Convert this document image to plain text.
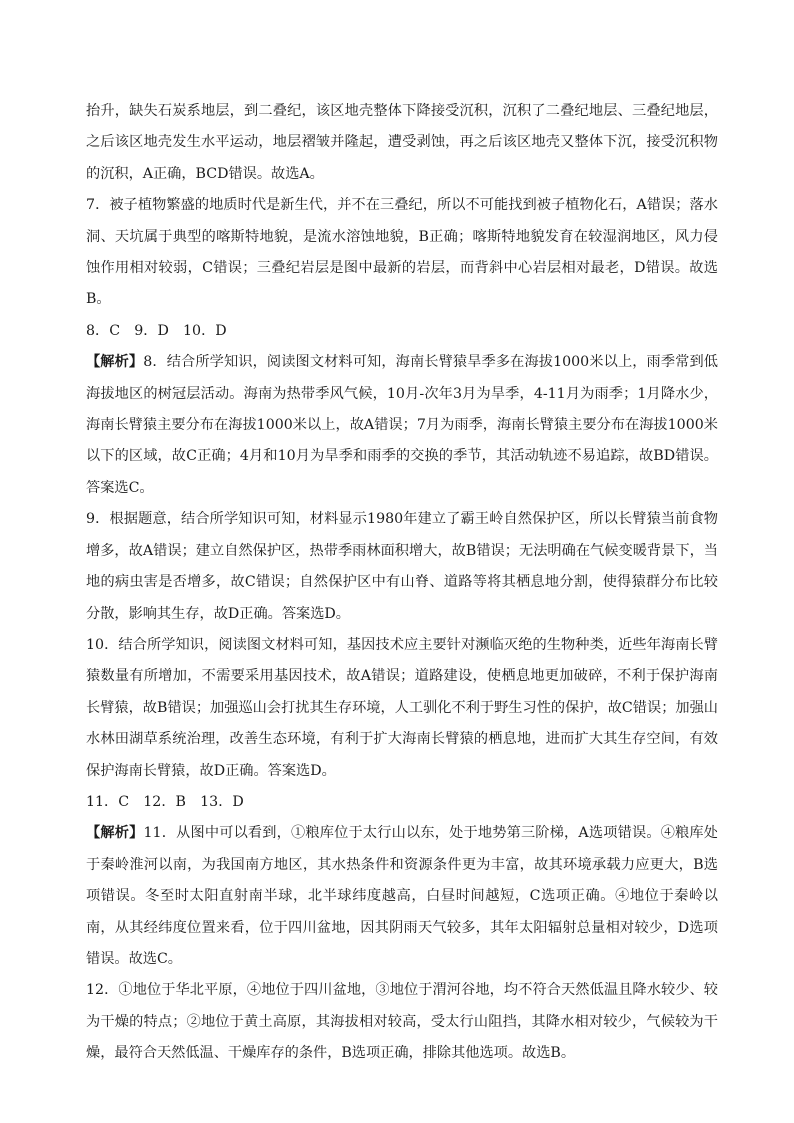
抬升，缺失石炭系地层，到二叠纪，该区地壳整体下降接受沉积，沉积了二叠纪地层、三叠纪地层，之后该区地壳发生水平运动，地层褶皱并隆起，遭受剥蚀，再之后该区地壳又整体下沉，接受沉积物的沉积，A正确，BCD错误。故选A。

7．被子植物繁盛的地质时代是新生代，并不在三叠纪，所以不可能找到被子植物化石，A错误；落水洞、天坑属于典型的喀斯特地貌，是流水溶蚀地貌，B正确；喀斯特地貌发育在较湿润地区，风力侵蚀作用相对较弱，C错误；三叠纪岩层是图中最新的岩层，而背斜中心岩层相对最老，D错误。故选B。

8．C　9．D　10．D

【解析】8．结合所学知识，阅读图文材料可知，海南长臂猿旱季多在海拔1000米以上，雨季常到低海拔地区的树冠层活动。海南为热带季风气候，10月-次年3月为旱季，4-11月为雨季；1月降水少，海南长臂猿主要分布在海拔1000米以上，故A错误；7月为雨季，海南长臂猿主要分布在海拔1000米以下的区域，故C正确；4月和10月为旱季和雨季的交换的季节，其活动轨迹不易追踪，故BD错误。答案选C。

9．根据题意，结合所学知识可知，材料显示1980年建立了霸王岭自然保护区，所以长臂猿当前食物增多，故A错误；建立自然保护区，热带季雨林面积增大，故B错误；无法明确在气候变暖背景下，当地的病虫害是否增多，故C错误；自然保护区中有山脊、道路等将其栖息地分割，使得猿群分布比较分散，影响其生存，故D正确。答案选D。

10．结合所学知识，阅读图文材料可知，基因技术应主要针对濒临灭绝的生物种类，近些年海南长臂猿数量有所增加，不需要采用基因技术，故A错误；道路建设，使栖息地更加破碎，不利于保护海南长臂猿，故B错误；加强巡山会打扰其生存环境，人工驯化不利于野生习性的保护，故C错误；加强山水林田湖草系统治理，改善生态环境，有利于扩大海南长臂猿的栖息地，进而扩大其生存空间，有效保护海南长臂猿，故D正确。答案选D。

11．C　12．B　13．D

【解析】11．从图中可以看到，①粮库位于太行山以东，处于地势第三阶梯，A选项错误。④粮库处于秦岭淮河以南，为我国南方地区，其水热条件和资源条件更为丰富，故其环境承载力应更大，B选项错误。冬至时太阳直射南半球，北半球纬度越高，白昼时间越短，C选项正确。④地位于秦岭以南，从其经纬度位置来看，位于四川盆地，因其阴雨天气较多，其年太阳辐射总量相对较少，D选项错误。故选C。

12．①地位于华北平原，④地位于四川盆地，③地位于渭河谷地，均不符合天然低温且降水较少、较为干燥的特点；②地位于黄土高原，其海拔相对较高，受太行山阻挡，其降水相对较少，气候较为干燥，最符合天然低温、干燥库存的条件，B选项正确，排除其他选项。故选B。
